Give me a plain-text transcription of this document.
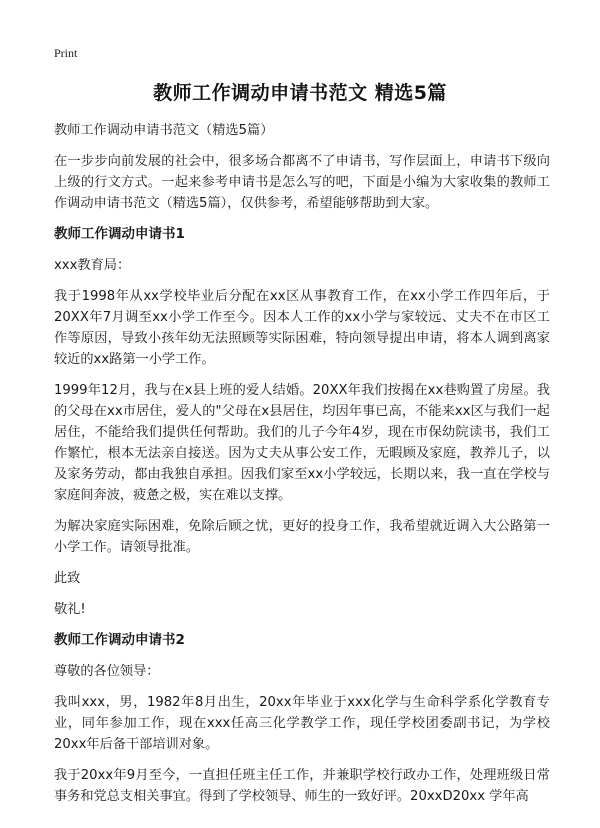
Print
教师工作调动申请书范文 精选5篇

教师工作调动申请书范文（精选5篇）

在一步步向前发展的社会中，很多场合都离不了申请书，写作层面上，申请书下级向上级的行文方式。一起来参考申请书是怎么写的吧，下面是小编为大家收集的教师工作调动申请书范文（精选5篇），仅供参考，希望能够帮助到大家。

教师工作调动申请书1

xxx教育局：

我于1998年从xx学校毕业后分配在xx区从事教育工作，在xx小学工作四年后，于20XX年7月调至xx小学工作至今。因本人工作的xx小学与家较远、丈夫不在市区工作等原因，导致小孩年幼无法照顾等实际困难，特向领导提出申请，将本人调到离家较近的xx路第一小学工作。

1999年12月，我与在x县上班的爱人结婚。20XX年我们按揭在xx巷购置了房屋。我的父母在xx市居住，爱人的"父母在x县居住，均因年事已高，不能来xx区与我们一起居住，不能给我们提供任何帮助。我们的儿子今年4岁，现在市保幼院读书，我们工作繁忙，根本无法亲自接送。因为丈夫从事公安工作，无暇顾及家庭，教养儿子，以及家务劳动，都由我独自承担。因我们家至xx小学较远，长期以来，我一直在学校与家庭间奔波，疲惫之极，实在难以支撑。

为解决家庭实际困难，免除后顾之忧，更好的投身工作，我希望就近调入大公路第一小学工作。请领导批准。

此致

敬礼!

教师工作调动申请书2

尊敬的各位领导：

我叫xxx，男，1982年8月出生，20xx年毕业于xxx化学与生命科学系化学教育专业，同年参加工作，现在xxx任高三化学教学工作，现任学校团委副书记，为学校20xx年后备干部培训对象。

我于20xx年9月至今，一直担任班主任工作，并兼职学校行政办工作，处理班级日常事务和党总支相关事宜。得到了学校领导、师生的一致好评。20xxD20xx 学年高
